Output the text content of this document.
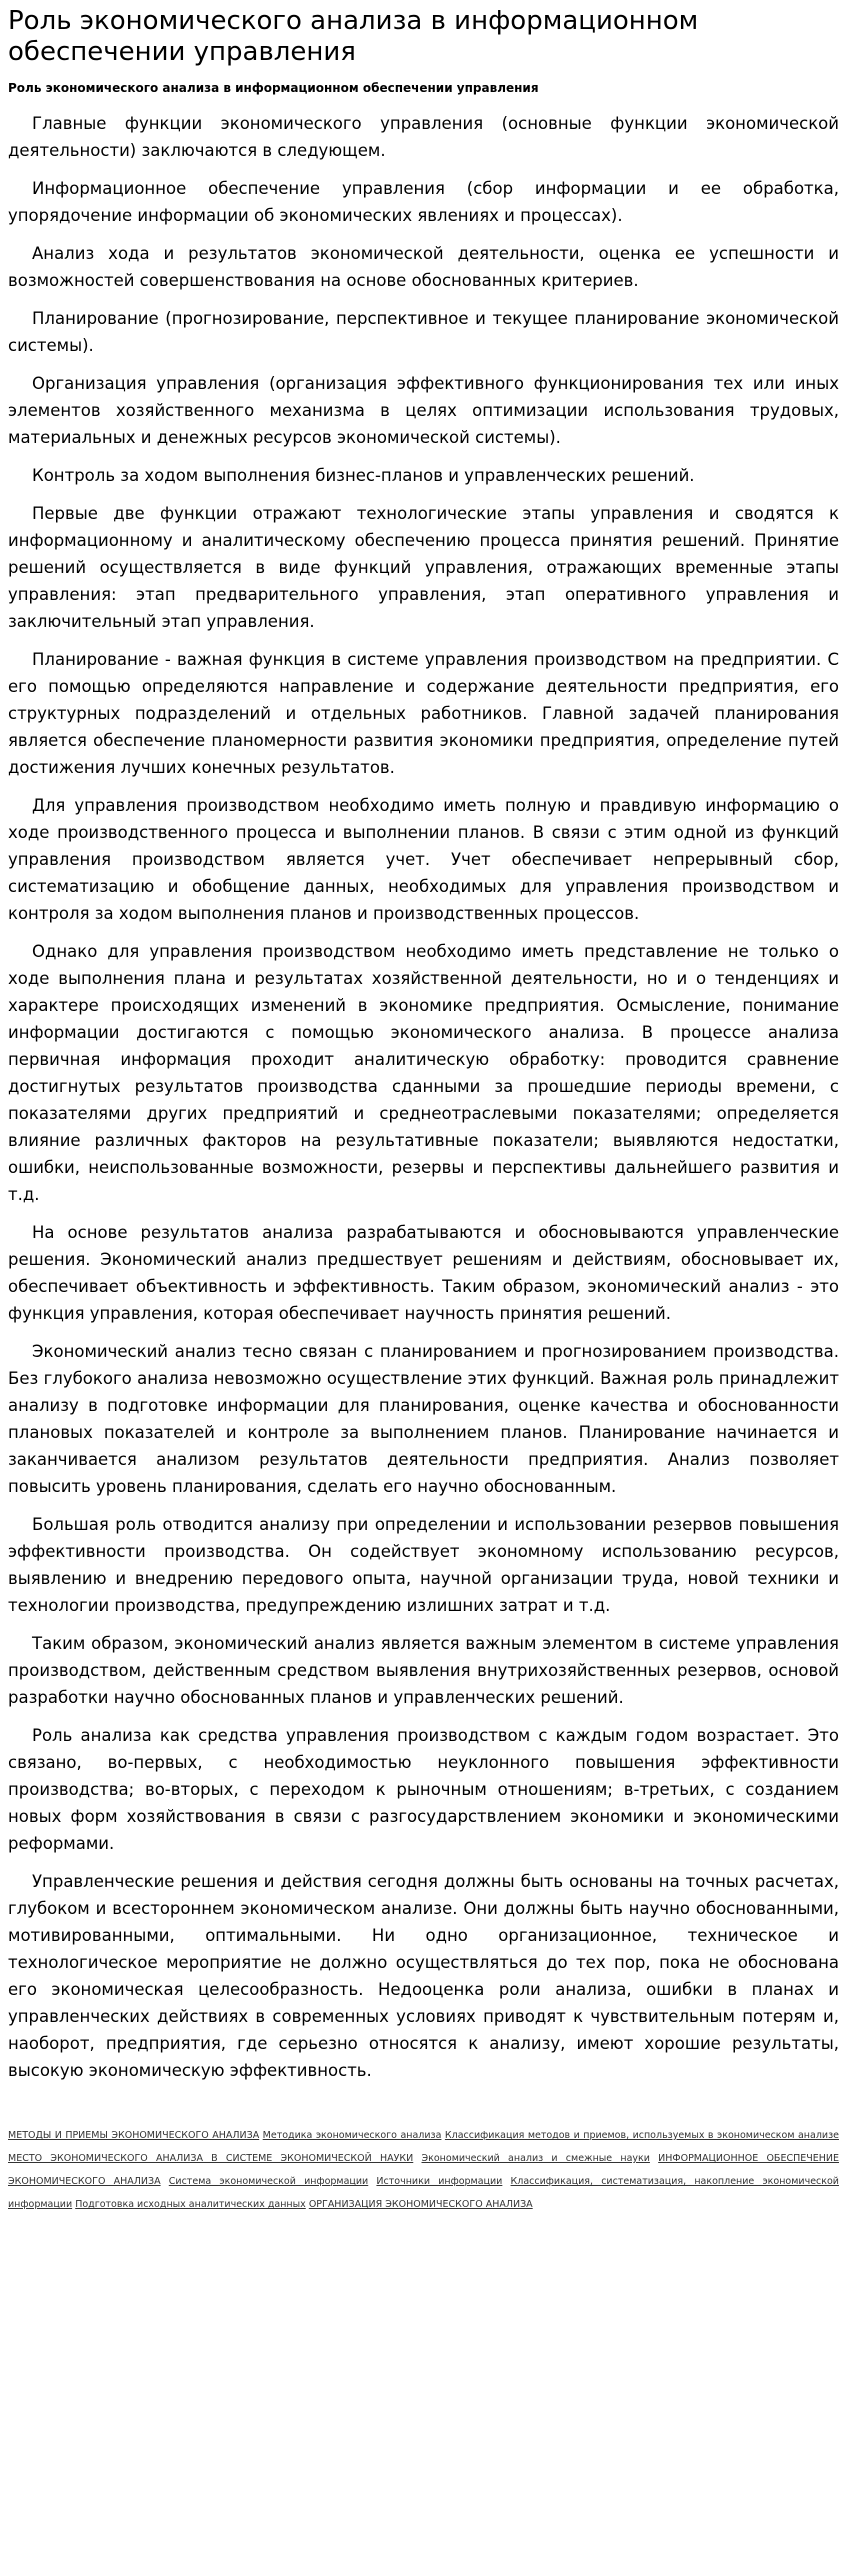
Роль экономического анализа в информационном обеспечении управления
Роль экономического анализа в информационном обеспечении управления

Главные функции экономического управления (основные функции экономической деятельности) заключаются в следующем.

Информационное обеспечение управления (сбор информации и ее обработка, упорядочение информации об экономических явлениях и процессах).

Анализ хода и результатов экономической деятельности, оценка ее успешности и возможностей совершенствования на основе обоснованных критериев.

Планирование (прогнозирование, перспективное и текущее планирование экономической системы).

Организация управления (организация эффективного функционирования тех или иных элементов хозяйственного механизма в целях оптимизации использования трудовых, материальных и денежных ресурсов экономической системы).

Контроль за ходом выполнения бизнес-планов и управленческих решений.

Первые две функции отражают технологические этапы управления и сводятся к информационному и аналитическому обеспечению процесса принятия решений. Принятие решений осуществляется в виде функций управления, отражающих временные этапы управления: этап предварительного управления, этап оперативного управления и заключительный этап управления.

Планирование - важная функция в системе управления производством на предприятии. С его помощью определяются направление и содержание деятельности предприятия, его структурных подразделений и отдельных работников. Главной задачей планирования является обеспечение планомерности развития экономики предприятия, определение путей достижения лучших конечных результатов.

Для управления производством необходимо иметь полную и правдивую информацию о ходе производственного процесса и выполнении планов. В связи с этим одной из функций управления производством является учет. Учет обеспечивает непрерывный сбор, систематизацию и обобщение данных, необходимых для управления производством и контроля за ходом выполнения планов и производственных процессов.

Однако для управления производством необходимо иметь представление не только о ходе выполнения плана и результатах хозяйственной деятельности, но и о тенденциях и характере происходящих изменений в экономике предприятия. Осмысление, понимание информации достигаются с помощью экономического анализа. В процессе анализа первичная информация проходит аналитическую обработку: проводится сравнение достигнутых результатов производства сданными за прошедшие периоды времени, с показателями других предприятий и среднеотраслевыми показателями; определяется влияние различных факторов на результативные показатели; выявляются недостатки, ошибки, неиспользованные возможности, резервы и перспективы дальнейшего развития и т.д.

На основе результатов анализа разрабатываются и обосновываются управленческие решения. Экономический анализ предшествует решениям и действиям, обосновывает их, обеспечивает объективность и эффективность. Таким образом, экономический анализ - это функция управления, которая обеспечивает научность принятия решений.

Экономический анализ тесно связан с планированием и прогнозированием производства. Без глубокого анализа невозможно осуществление этих функций. Важная роль принадлежит анализу в подготовке информации для планирования, оценке качества и обоснованности плановых показателей и контроле за выполнением планов. Планирование начинается и заканчивается анализом результатов деятельности предприятия. Анализ позволяет повысить уровень планирования, сделать его научно обоснованным.

Большая роль отводится анализу при определении и использовании резервов повышения эффективности производства. Он содействует экономному использованию ресурсов, выявлению и внедрению передового опыта, научной организации труда, новой техники и технологии производства, предупреждению излишних затрат и т.д.

Таким образом, экономический анализ является важным элементом в системе управления производством, действенным средством выявления внутрихозяйственных резервов, основой разработки научно обоснованных планов и управленческих решений.

Роль анализа как средства управления производством с каждым годом возрастает. Это связано, во-первых, с необходимостью неуклонного повышения эффективности производства; во-вторых, с переходом к рыночным отношениям; в-третьих, с созданием новых форм хозяйствования в связи с разгосударствлением экономики и экономическими реформами.

Управленческие решения и действия сегодня должны быть основаны на точных расчетах, глубоком и всестороннем экономическом анализе. Они должны быть научно обоснованными, мотивированными, оптимальными. Ни одно организационное, техническое и технологическое мероприятие не должно осуществляться до тех пор, пока не обоснована его экономическая целесообразность. Недооценка роли анализа, ошибки в планах и управленческих действиях в современных условиях приводят к чувствительным потерям и, наоборот, предприятия, где серьезно относятся к анализу, имеют хорошие результаты, высокую экономическую эффективность.

МЕТОДЫ И ПРИЕМЫ ЭКОНОМИЧЕСКОГО АНАЛИЗА Методика экономического анализа Классификация методов и приемов, используемых в экономическом анализе МЕСТО ЭКОНОМИЧЕСКОГО АНАЛИЗА В СИСТЕМЕ ЭКОНОМИЧЕСКОЙ НАУКИ Экономический анализ и смежные науки ИНФОРМАЦИОННОЕ ОБЕСПЕЧЕНИЕ ЭКОНОМИЧЕСКОГО АНАЛИЗА Система экономической информации Источники информации Классификация, систематизация, накопление экономической информации Подготовка исходных аналитических данных ОРГАНИЗАЦИЯ ЭКОНОМИЧЕСКОГО АНАЛИЗА
